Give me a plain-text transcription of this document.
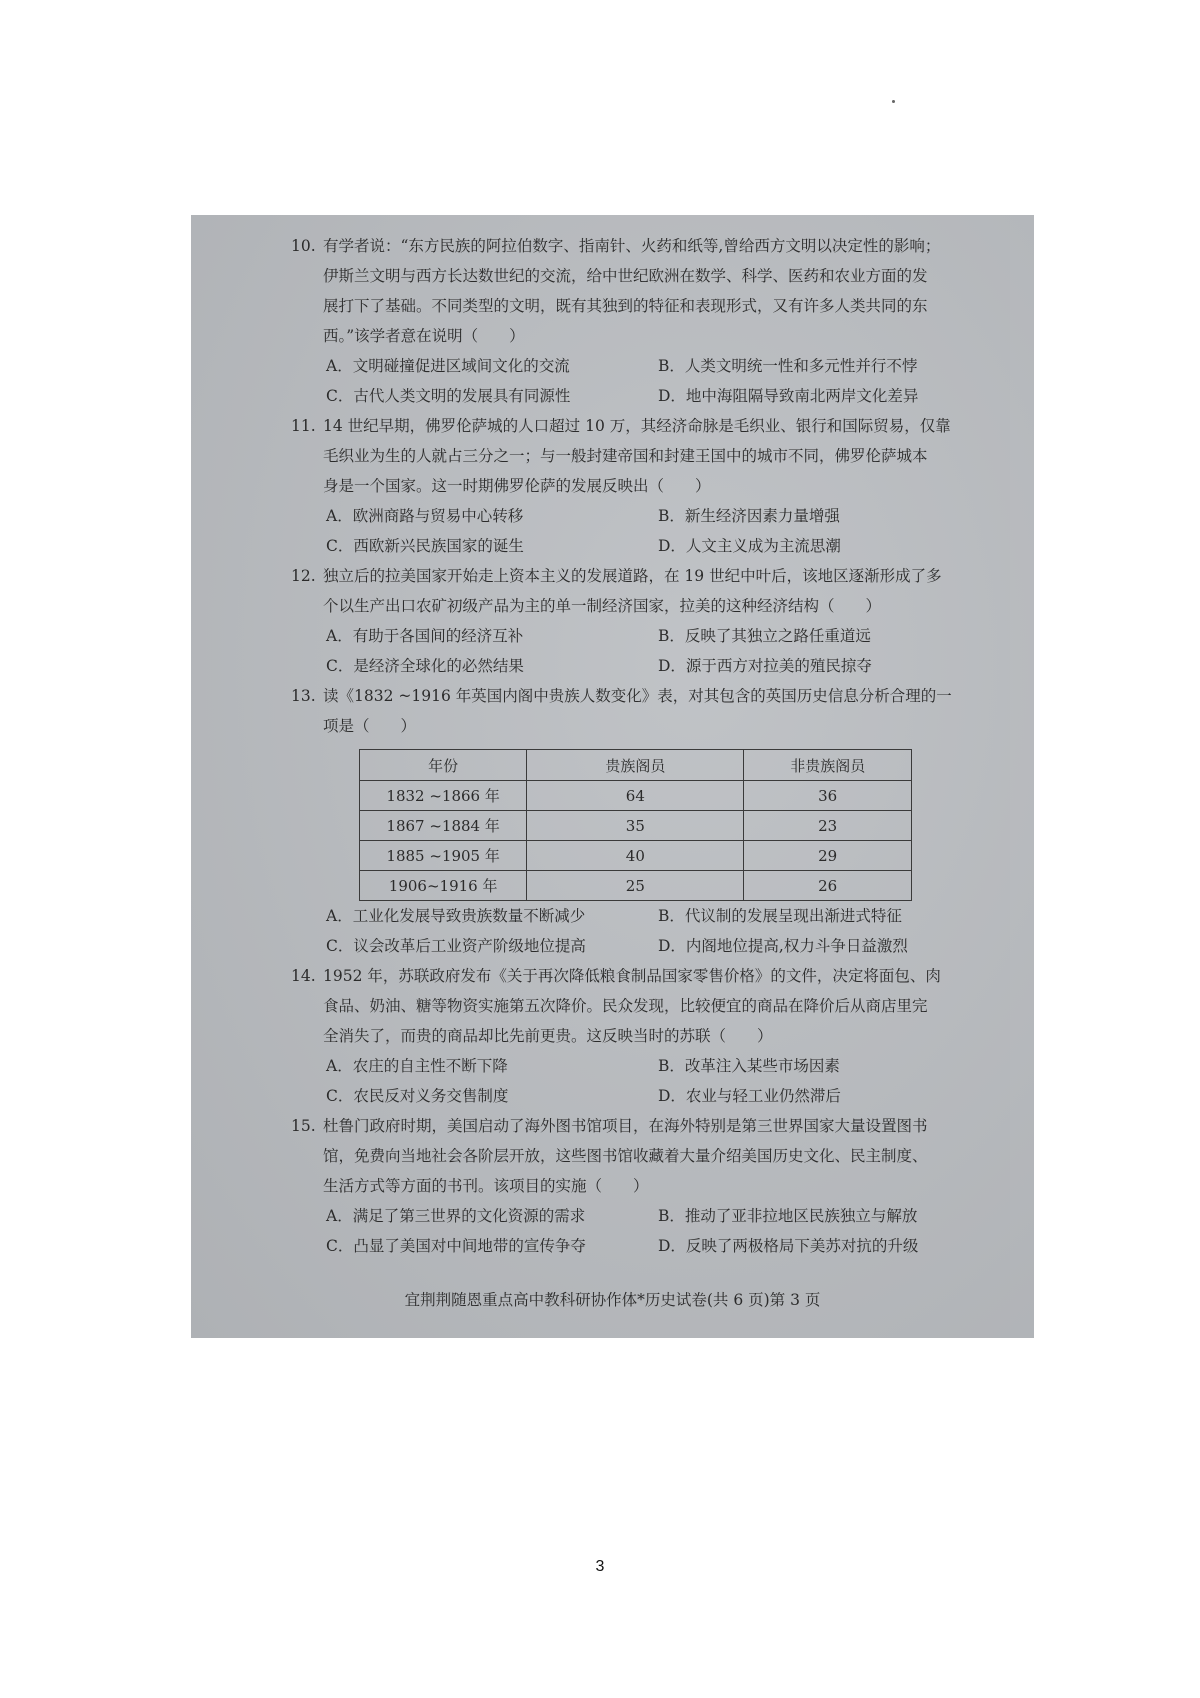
10. 有学者说：“东方民族的阿拉伯数字、指南针、火药和纸等,曾给西方文明以决定性的影响；
伊斯兰文明与西方长达数世纪的交流，给中世纪欧洲在数学、科学、医药和农业方面的发
展打下了基础。不同类型的文明，既有其独到的特征和表现形式，又有许多人类共同的东
西。”该学者意在说明（　　）
A．文明碰撞促进区域间文化的交流	B．人类文明统一性和多元性并行不悖
C．古代人类文明的发展具有同源性	D．地中海阻隔导致南北两岸文化差异
11. 14 世纪早期，佛罗伦萨城的人口超过 10 万，其经济命脉是毛织业、银行和国际贸易，仅靠
毛织业为生的人就占三分之一；与一般封建帝国和封建王国中的城市不同，佛罗伦萨城本
身是一个国家。这一时期佛罗伦萨的发展反映出（　　）
A．欧洲商路与贸易中心转移	B．新生经济因素力量增强
C．西欧新兴民族国家的诞生	D．人文主义成为主流思潮
12. 独立后的拉美国家开始走上资本主义的发展道路，在 19 世纪中叶后，该地区逐渐形成了多
个以生产出口农矿初级产品为主的单一制经济国家，拉美的这种经济结构（　　）
A．有助于各国间的经济互补	B．反映了其独立之路任重道远
C．是经济全球化的必然结果	D．源于西方对拉美的殖民掠夺
13. 读《1832 ~1916 年英国内阁中贵族人数变化》表，对其包含的英国历史信息分析合理的一
项是（　　）
年份	贵族阁员	非贵族阁员
1832 ~1866 年	64	36
1867 ~1884 年	35	23
1885 ~1905 年	40	29
1906~1916 年	25	26
A．工业化发展导致贵族数量不断减少	B．代议制的发展呈现出渐进式特征
C．议会改革后工业资产阶级地位提高	D．内阁地位提高,权力斗争日益激烈
14. 1952 年，苏联政府发布《关于再次降低粮食制品国家零售价格》的文件，决定将面包、肉
食品、奶油、糖等物资实施第五次降价。民众发现，比较便宜的商品在降价后从商店里完
全消失了，而贵的商品却比先前更贵。这反映当时的苏联（　　）
A．农庄的自主性不断下降	B．改革注入某些市场因素
C．农民反对义务交售制度	D．农业与轻工业仍然滞后
15. 杜鲁门政府时期，美国启动了海外图书馆项目，在海外特别是第三世界国家大量设置图书
馆，免费向当地社会各阶层开放，这些图书馆收藏着大量介绍美国历史文化、民主制度、
生活方式等方面的书刊。该项目的实施（　　）
A．满足了第三世界的文化资源的需求	B．推动了亚非拉地区民族独立与解放
C．凸显了美国对中间地带的宣传争夺	D．反映了两极格局下美苏对抗的升级
宜荆荆随恩重点高中教科研协作体*历史试卷(共 6 页)第 3 页
3
